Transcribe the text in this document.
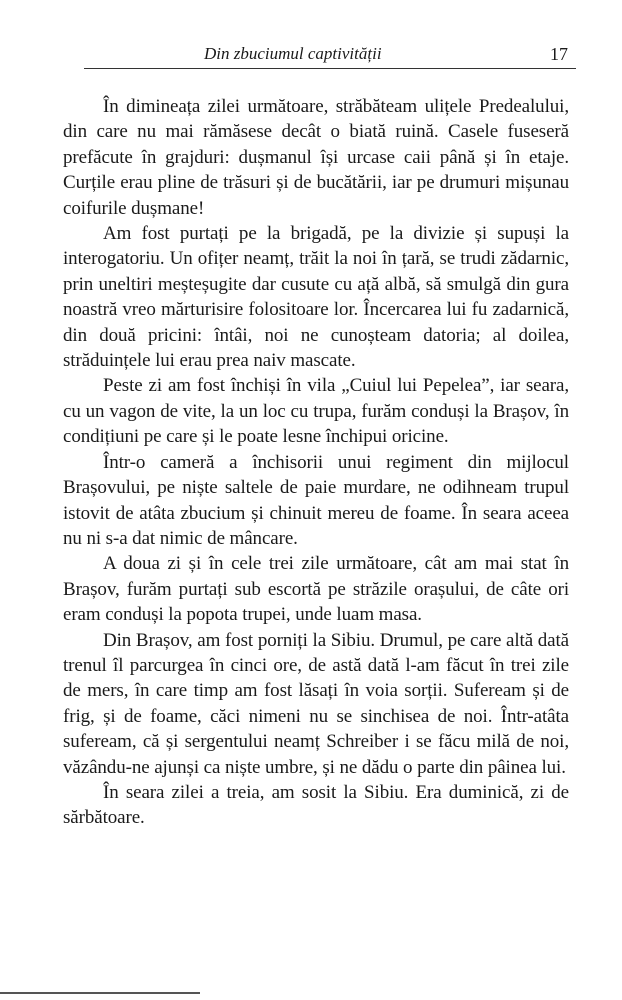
Din zbuciumul captivității	17

În dimineața zilei următoare, străbăteam ulițele Predealului, din care nu mai rămăsese decât o biată ruină. Casele fuseseră prefăcute în grajduri: dușmanul își urcase caii până și în etaje. Curțile erau pline de trăsuri și de bucătării, iar pe drumuri mișunau coifurile dușmane!

Am fost purtați pe la brigadă, pe la divizie și supuși la interogatoriu. Un ofițer neamț, trăit la noi în țară, se trudi zădarnic, prin uneltiri meșteșugite dar cusute cu ață albă, să smulgă din gura noastră vreo mărturisire folositoare lor. Încercarea lui fu zadarnică, din două pricini: întâi, noi ne cunoșteam datoria; al doilea, străduințele lui erau prea naiv mascate.

Peste zi am fost închiși în vila „Cuiul lui Pepelea”, iar seara, cu un vagon de vite, la un loc cu trupa, furăm conduși la Brașov, în condițiuni pe care și le poate lesne închipui oricine.

Într-o cameră a închisorii unui regiment din mijlocul Brașovului, pe niște saltele de paie murdare, ne odihneam trupul istovit de atâta zbucium și chinuit mereu de foame. În seara aceea nu ni s-a dat nimic de mâncare.

A doua zi și în cele trei zile următoare, cât am mai stat în Brașov, furăm purtați sub escortă pe străzile orașului, de câte ori eram conduși la popota trupei, unde luam masa.

Din Brașov, am fost porniți la Sibiu. Drumul, pe care altă dată trenul îl parcurgea în cinci ore, de astă dată l-am făcut în trei zile de mers, în care timp am fost lăsați în voia sorții. Sufeream și de frig, și de foame, căci nimeni nu se sinchisea de noi. Într-atâta sufeream, că și sergentului neamț Schreiber i se făcu milă de noi, văzându-ne ajunși ca niște umbre, și ne dădu o parte din pâinea lui.

În seara zilei a treia, am sosit la Sibiu. Era duminică, zi de sărbătoare.
